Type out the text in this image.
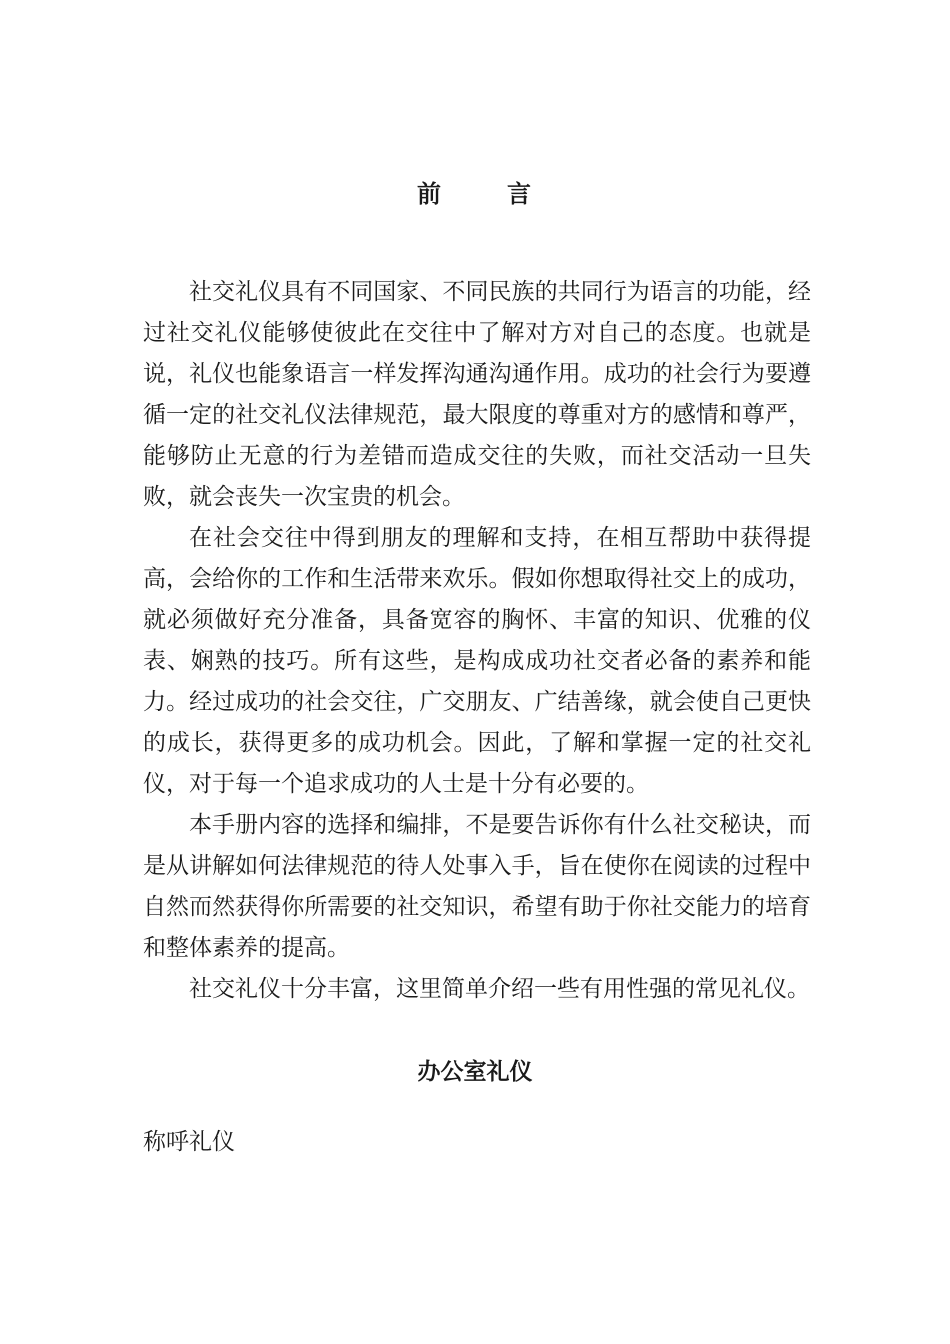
前	言

社交礼仪具有不同国家、不同民族的共同行为语言的功能，经过社交礼仪能够使彼此在交往中了解对方对自己的态度。也就是说，礼仪也能象语言一样发挥沟通沟通作用。成功的社会行为要遵循一定的社交礼仪法律规范，最大限度的尊重对方的感情和尊严，能够防止无意的行为差错而造成交往的失败，而社交活动一旦失败，就会丧失一次宝贵的机会。

在社会交往中得到朋友的理解和支持，在相互帮助中获得提高，会给你的工作和生活带来欢乐。假如你想取得社交上的成功，就必须做好充分准备，具备宽容的胸怀、丰富的知识、优雅的仪表、娴熟的技巧。所有这些，是构成成功社交者必备的素养和能力。经过成功的社会交往，广交朋友、广结善缘，就会使自己更快的成长，获得更多的成功机会。因此，了解和掌握一定的社交礼仪，对于每一个追求成功的人士是十分有必要的。

本手册内容的选择和编排，不是要告诉你有什么社交秘诀，而是从讲解如何法律规范的待人处事入手，旨在使你在阅读的过程中自然而然获得你所需要的社交知识，希望有助于你社交能力的培育和整体素养的提高。

社交礼仪十分丰富，这里简单介绍一些有用性强的常见礼仪。

办公室礼仪
称呼礼仪
